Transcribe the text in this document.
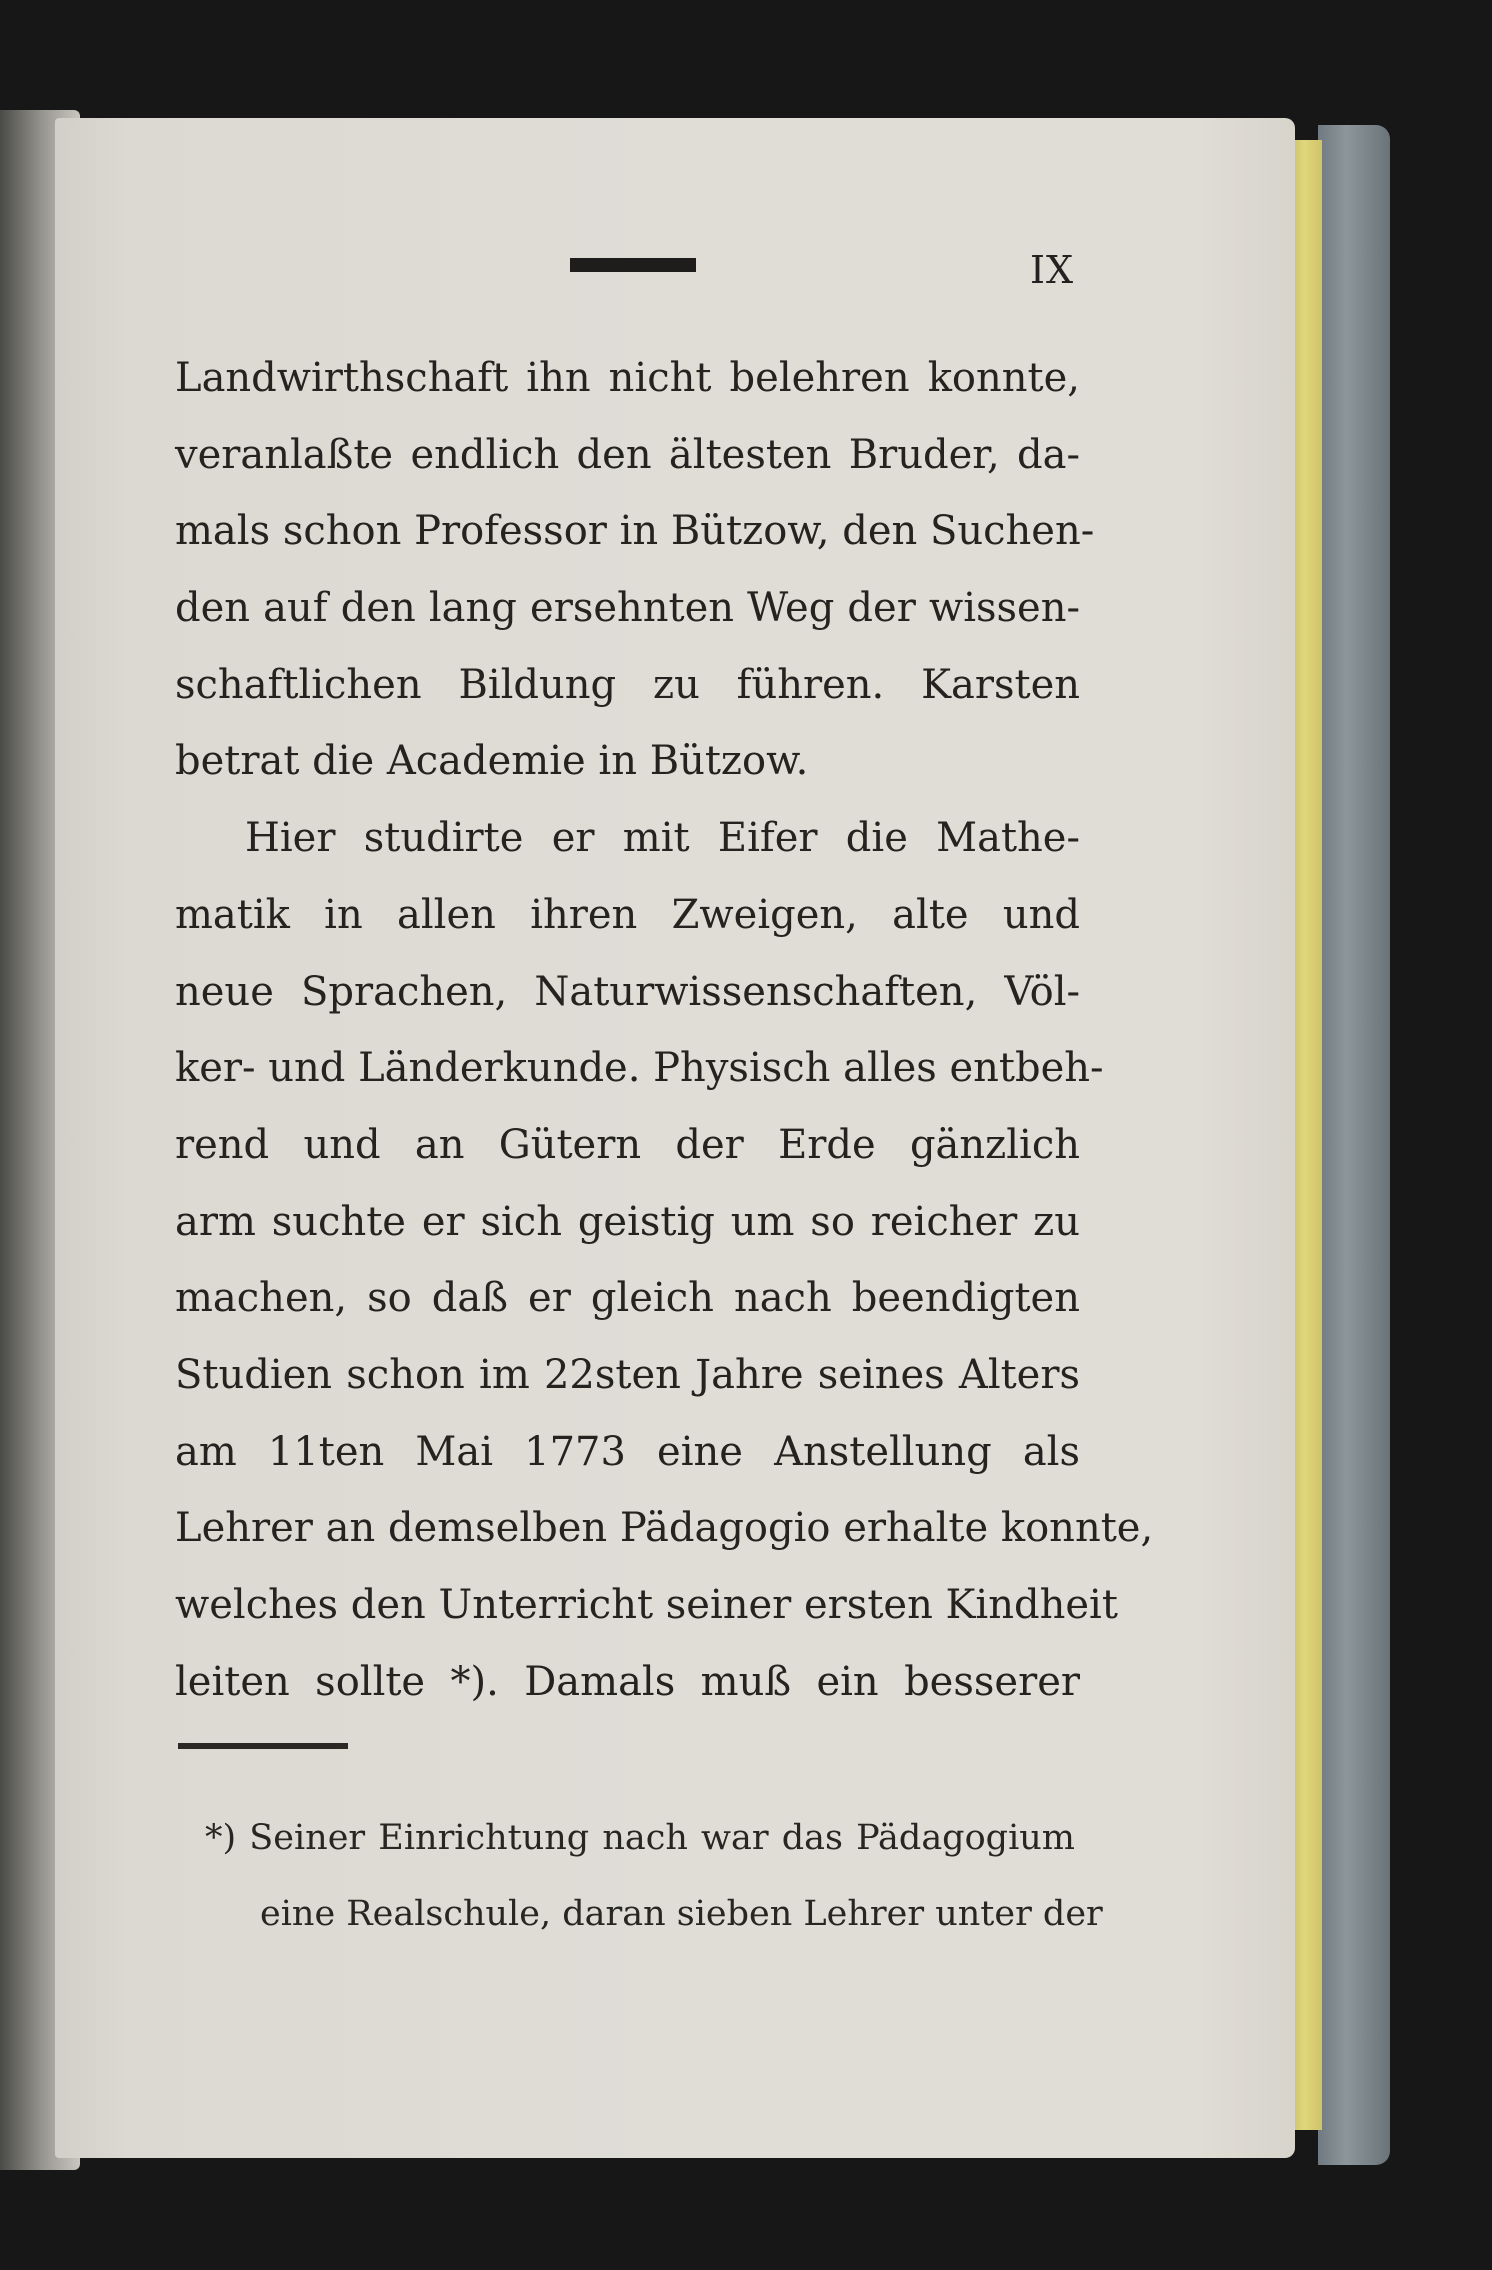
IX
Landwirthschaft ihn nicht belehren konnte,
veranlaßte endlich den ältesten Bruder, da-
mals schon Professor in Bützow, den Suchen-
den auf den lang ersehnten Weg der wissen-
schaftlichen Bildung zu führen. Karsten
betrat die Academie in Bützow.
Hier studirte er mit Eifer die Mathe-
matik in allen ihren Zweigen, alte und
neue Sprachen, Naturwissenschaften, Völ-
ker- und Länderkunde. Physisch alles entbeh-
rend und an Gütern der Erde gänzlich
arm suchte er sich geistig um so reicher zu
machen, so daß er gleich nach beendigten
Studien schon im 22sten Jahre seines Alters
am 11ten Mai 1773 eine Anstellung als
Lehrer an demselben Pädagogio erhalte konnte,
welches den Unterricht seiner ersten Kindheit
leiten sollte *). Damals muß ein besserer
*) Seiner Einrichtung nach war das Pädagogium
eine Realschule, daran sieben Lehrer unter der
